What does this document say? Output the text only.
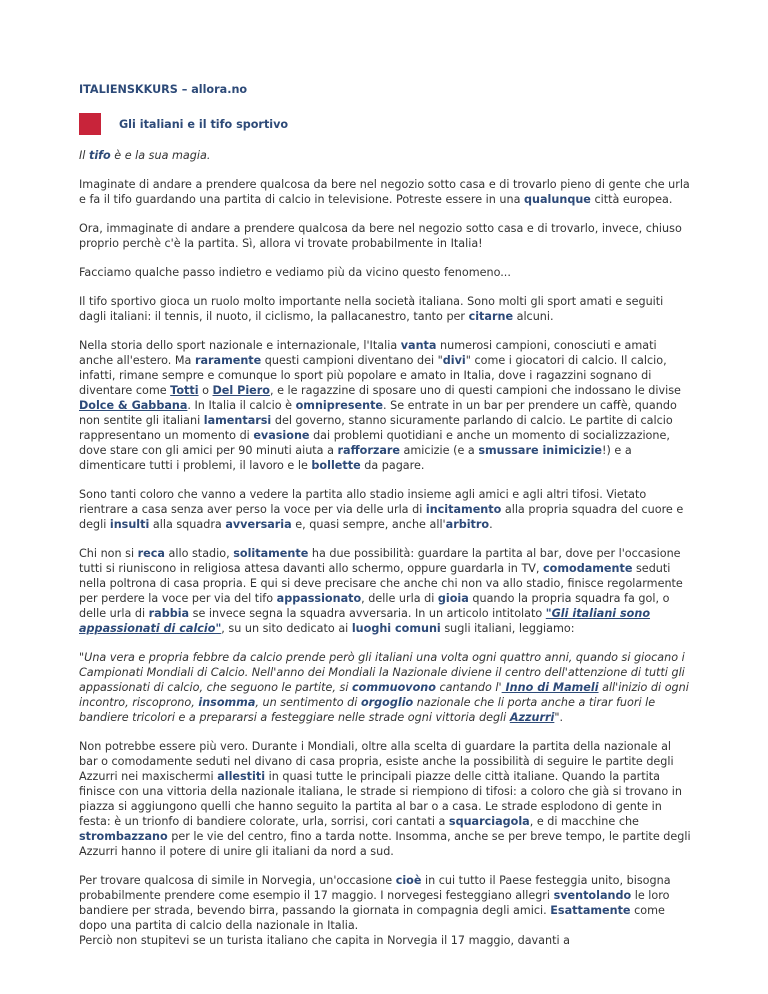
ITALIENSKKURS – allora.no
Gli italiani e il tifo sportivo

Il tifo è e la sua magia.

Imaginate di andare a prendere qualcosa da bere nel negozio sotto casa e di trovarlo pieno di gente che urla e fa il tifo guardando una partita di calcio in televisione. Potreste essere in una qualunque città europea.

Ora, immaginate di andare a prendere qualcosa da bere nel negozio sotto casa e di trovarlo, invece, chiuso proprio perchè c'è la partita. Sì, allora vi trovate probabilmente in Italia!

Facciamo qualche passo indietro e vediamo più da vicino questo fenomeno...

Il tifo sportivo gioca un ruolo molto importante nella società italiana. Sono molti gli sport amati e seguiti dagli italiani: il tennis, il nuoto, il ciclismo, la pallacanestro, tanto per citarne alcuni.

Nella storia dello sport nazionale e internazionale, l'Italia vanta numerosi campioni, conosciuti e amati anche all'estero. Ma raramente questi campioni diventano dei "divi" come i giocatori di calcio. Il calcio, infatti, rimane sempre e comunque lo sport più popolare e amato in Italia, dove i ragazzini sognano di diventare come Totti o Del Piero, e le ragazzine di sposare uno di questi campioni che indossano le divise Dolce & Gabbana. In Italia il calcio è omnipresente. Se entrate in un bar per prendere un caffè, quando non sentite gli italiani lamentarsi del governo, stanno sicuramente parlando di calcio. Le partite di calcio rappresentano un momento di evasione dai problemi quotidiani e anche un momento di socializzazione, dove stare con gli amici per 90 minuti aiuta a rafforzare amicizie (e a smussare inimicizie!) e a dimenticare tutti i problemi, il lavoro e le bollette da pagare.

Sono tanti coloro che vanno a vedere la partita allo stadio insieme agli amici e agli altri tifosi. Vietato rientrare a casa senza aver perso la voce per via delle urla di incitamento alla propria squadra del cuore e degli insulti alla squadra avversaria e, quasi sempre, anche all'arbitro.

Chi non si reca allo stadio, solitamente ha due possibilità: guardare la partita al bar, dove per l'occasione tutti si riuniscono in religiosa attesa davanti allo schermo, oppure guardarla in TV, comodamente seduti nella poltrona di casa propria. E qui si deve precisare che anche chi non va allo stadio, finisce regolarmente per perdere la voce per via del tifo appassionato, delle urla di gioia quando la propria squadra fa gol, o delle urla di rabbia se invece segna la squadra avversaria. In un articolo intitolato "Gli italiani sono appassionati di calcio", su un sito dedicato ai luoghi comuni sugli italiani, leggiamo:

"Una vera e propria febbre da calcio prende però gli italiani una volta ogni quattro anni, quando si giocano i Campionati Mondiali di Calcio. Nell'anno dei Mondiali la Nazionale diviene il centro dell'attenzione di tutti gli appassionati di calcio, che seguono le partite, si commuovono cantando l' Inno di Mameli all'inizio di ogni incontro, riscoprono, insomma, un sentimento di orgoglio nazionale che li porta anche a tirar fuori le bandiere tricolori e a prepararsi a festeggiare nelle strade ogni vittoria degli Azzurri".

Non potrebbe essere più vero. Durante i Mondiali, oltre alla scelta di guardare la partita della nazionale al bar o comodamente seduti nel divano di casa propria, esiste anche la possibilità di seguire le partite degli Azzurri nei maxischermi allestiti in quasi tutte le principali piazze delle città italiane. Quando la partita finisce con una vittoria della nazionale italiana, le strade si riempiono di tifosi: a coloro che già si trovano in piazza si aggiungono quelli che hanno seguito la partita al bar o a casa. Le strade esplodono di gente in festa: è un trionfo di bandiere colorate, urla, sorrisi, cori cantati a squarciagola, e di macchine che strombazzano per le vie del centro, fino a tarda notte. Insomma, anche se per breve tempo, le partite degli Azzurri hanno il potere di unire gli italiani da nord a sud.

Per trovare qualcosa di simile in Norvegia, un'occasione cioè in cui tutto il Paese festeggia unito, bisogna probabilmente prendere come esempio il 17 maggio. I norvegesi festeggiano allegri sventolando le loro bandiere per strada, bevendo birra, passando la giornata in compagnia degli amici. Esattamente come dopo una partita di calcio della nazionale in Italia.

Perciò non stupitevi se un turista italiano che capita in Norvegia il 17 maggio, davanti a
